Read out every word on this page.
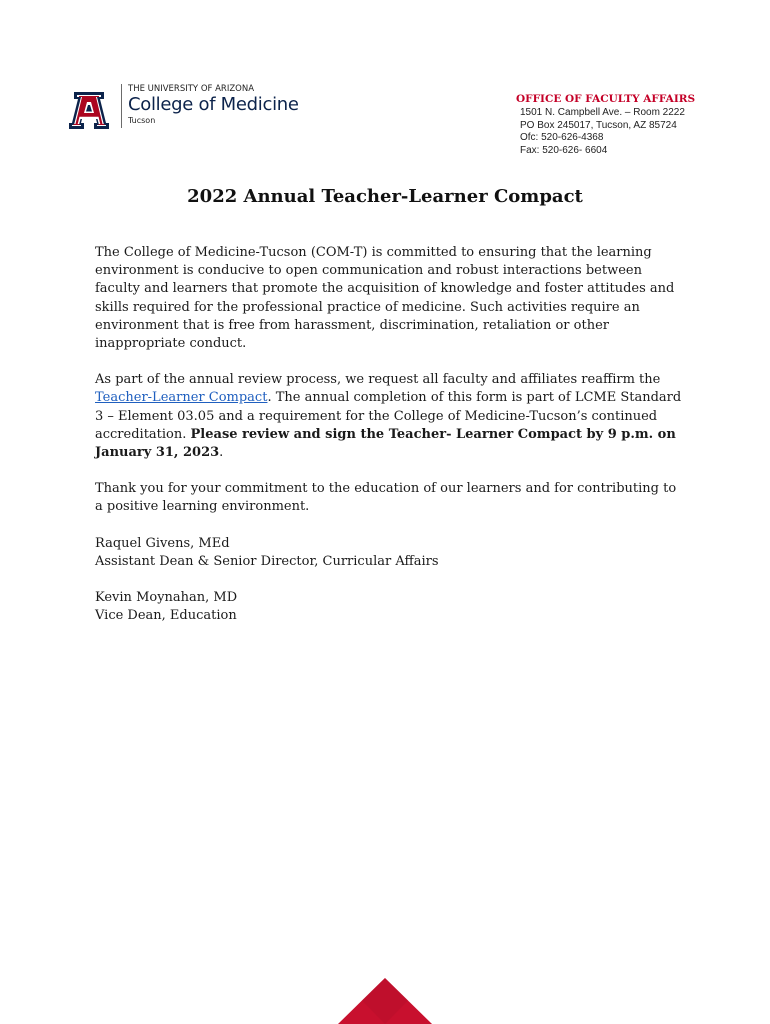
THE UNIVERSITY OF ARIZONA
College of Medicine
Tucson
OFFICE OF FACULTY AFFAIRS
1501 N. Campbell Ave. – Room 2222
PO Box 245017, Tucson, AZ 85724
Ofc: 520-626-4368
Fax: 520-626- 6604
2022 Annual Teacher-Learner Compact

The College of Medicine-Tucson (COM-T) is committed to ensuring that the learning environment is conducive to open communication and robust interactions between faculty and learners that promote the acquisition of knowledge and foster attitudes and skills required for the professional practice of medicine. Such activities require an environment that is free from harassment, discrimination, retaliation or other inappropriate conduct.

As part of the annual review process, we request all faculty and affiliates reaffirm the Teacher-Learner Compact. The annual completion of this form is part of LCME Standard 3 – Element 03.05 and a requirement for the College of Medicine-Tucson’s continued accreditation. Please review and sign the Teacher- Learner Compact by 9 p.m. on January 31, 2023.

Thank you for your commitment to the education of our learners and for contributing to a positive learning environment.

Raquel Givens, MEd
Assistant Dean & Senior Director, Curricular Affairs

Kevin Moynahan, MD
Vice Dean, Education
